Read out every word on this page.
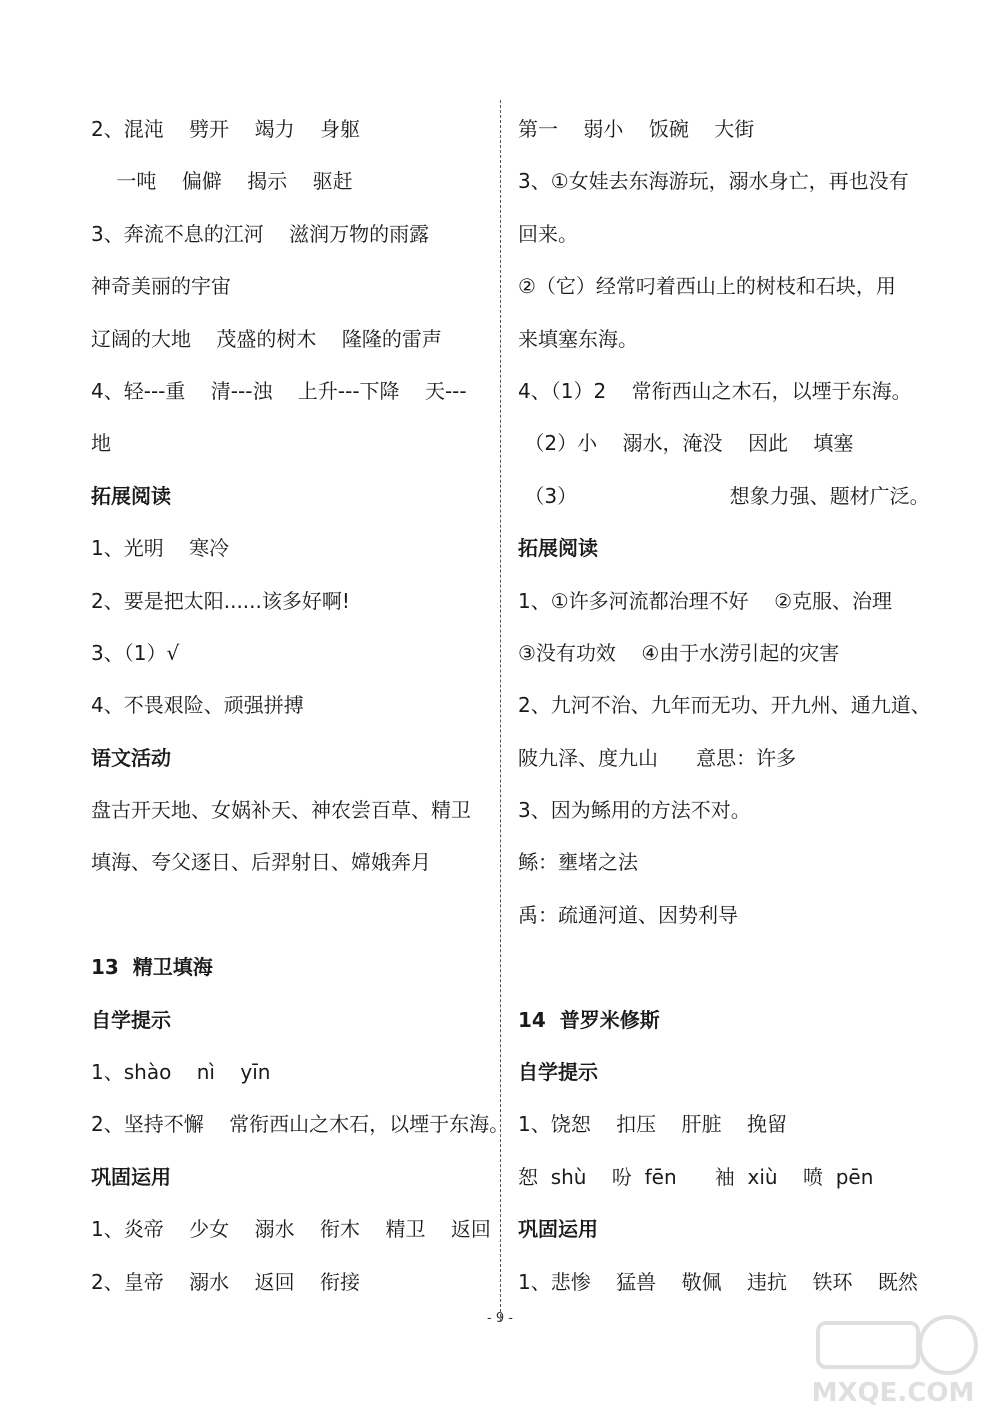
2、混沌    劈开    竭力    身躯
一吨    偏僻    揭示    驱赶
3、奔流不息的江河    滋润万物的雨露
神奇美丽的宇宙
辽阔的大地    茂盛的树木    隆隆的雷声
4、轻---重    清---浊    上升---下降    天---
地
拓展阅读
1、光明    寒冷
2、要是把太阳......该多好啊!
3、（1）√
4、不畏艰险、顽强拼搏
语文活动
盘古开天地、女娲补天、神农尝百草、精卫
填海、夸父逐日、后羿射日、嫦娥奔月
13  精卫填海
自学提示
1、shào    nì    yīn
2、坚持不懈    常衔西山之木石，以堙于东海。
巩固运用
1、炎帝    少女    溺水    衔木    精卫    返回
2、皇帝    溺水    返回    衔接
第一    弱小    饭碗    大街
3、①女娃去东海游玩，溺水身亡，再也没有
回来。
②（它）经常叼着西山上的树枝和石块，用
来填塞东海。
4、（1）2    常衔西山之木石，以堙于东海。
（2）小    溺水，淹没    因此    填塞
（3）                        想象力强、题材广泛。
拓展阅读
1、①许多河流都治理不好    ②克服、治理
③没有功效    ④由于水涝引起的灾害
2、九河不治、九年而无功、开九州、通九道、
陂九泽、度九山      意思：许多
3、因为鲧用的方法不对。
鲧：壅堵之法
禹：疏通河道、因势利导
14  普罗米修斯
自学提示
1、饶恕    扣压    肝脏    挽留
恕  shù    吩  fēn      袖  xiù    喷  pēn
巩固运用
1、悲惨    猛兽    敬佩    违抗    铁环    既然
- 9 -
MXQE.COM
